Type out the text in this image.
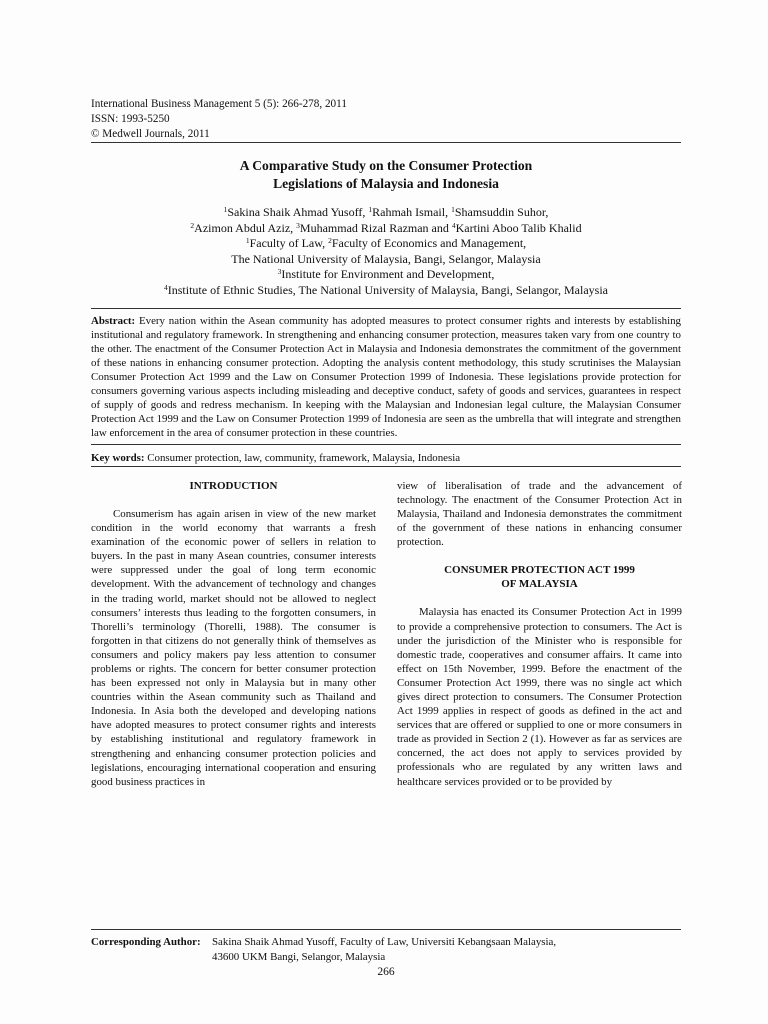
International Business Management 5 (5): 266-278, 2011
ISSN: 1993-5250
© Medwell Journals, 2011
A Comparative Study on the Consumer Protection
Legislations of Malaysia and Indonesia
$^1$Sakina Shaik Ahmad Yusoff, $^1$Rahmah Ismail, $^1$Shamsuddin Suhor,
$^2$Azimon Abdul Aziz, $^3$Muhammad Rizal Razman and $^4$Kartini Aboo Talib Khalid
$^1$Faculty of Law, $^2$Faculty of Economics and Management,
The National University of Malaysia, Bangi, Selangor, Malaysia
$^3$Institute for Environment and Development,
$^4$Institute of Ethnic Studies, The National University of Malaysia, Bangi, Selangor, Malaysia
Abstract: Every nation within the Asean community has adopted measures to protect consumer rights and interests by establishing institutional and regulatory framework. In strengthening and enhancing consumer protection, measures taken vary from one country to the other. The enactment of the Consumer Protection Act in Malaysia and Indonesia demonstrates the commitment of the government of these nations in enhancing consumer protection. Adopting the analysis content methodology, this study scrutinises the Malaysian Consumer Protection Act 1999 and the Law on Consumer Protection 1999 of Indonesia. These legislations provide protection for consumers governing various aspects including misleading and deceptive conduct, safety of goods and services, guarantees in respect of supply of goods and redress mechanism. In keeping with the Malaysian and Indonesian legal culture, the Malaysian Consumer Protection Act 1999 and the Law on Consumer Protection 1999 of Indonesia are seen as the umbrella that will integrate and strengthen law enforcement in the area of consumer protection in these countries.
Key words: Consumer protection, law, community, framework, Malaysia, Indonesia
INTRODUCTION

Consumerism has again arisen in view of the new market condition in the world economy that warrants a fresh examination of the economic power of sellers in relation to buyers. In the past in many Asean countries, consumer interests were suppressed under the goal of long term economic development. With the advancement of technology and changes in the trading world, market should not be allowed to neglect consumers’ interests thus leading to the forgotten consumers, in Thorelli’s terminology (Thorelli, 1988). The consumer is forgotten in that citizens do not generally think of themselves as consumers and policy makers pay less attention to consumer problems or rights. The concern for better consumer protection has been expressed not only in Malaysia but in many other countries within the Asean community such as Thailand and Indonesia. In Asia both the developed and developing nations have adopted measures to protect consumer rights and interests by establishing institutional and regulatory framework in strengthening and enhancing consumer protection policies and legislations, encouraging international cooperation and ensuring good business practices in

view of liberalisation of trade and the advancement of technology. The enactment of the Consumer Protection Act in Malaysia, Thailand and Indonesia demonstrates the commitment of the government of these nations in enhancing consumer protection.

CONSUMER PROTECTION ACT 1999
OF MALAYSIA

Malaysia has enacted its Consumer Protection Act in 1999 to provide a comprehensive protection to consumers. The Act is under the jurisdiction of the Minister who is responsible for domestic trade, cooperatives and consumer affairs. It came into effect on 15th November, 1999. Before the enactment of the Consumer Protection Act 1999, there was no single act which gives direct protection to consumers. The Consumer Protection Act 1999 applies in respect of goods as defined in the act and services that are offered or supplied to one or more consumers in trade as provided in Section 2 (1). However as far as services are concerned, the act does not apply to services provided by professionals who are regulated by any written laws and healthcare services provided or to be provided by

Corresponding Author: Sakina Shaik Ahmad Yusoff, Faculty of Law, Universiti Kebangsaan Malaysia,
43600 UKM Bangi, Selangor, Malaysia
266
